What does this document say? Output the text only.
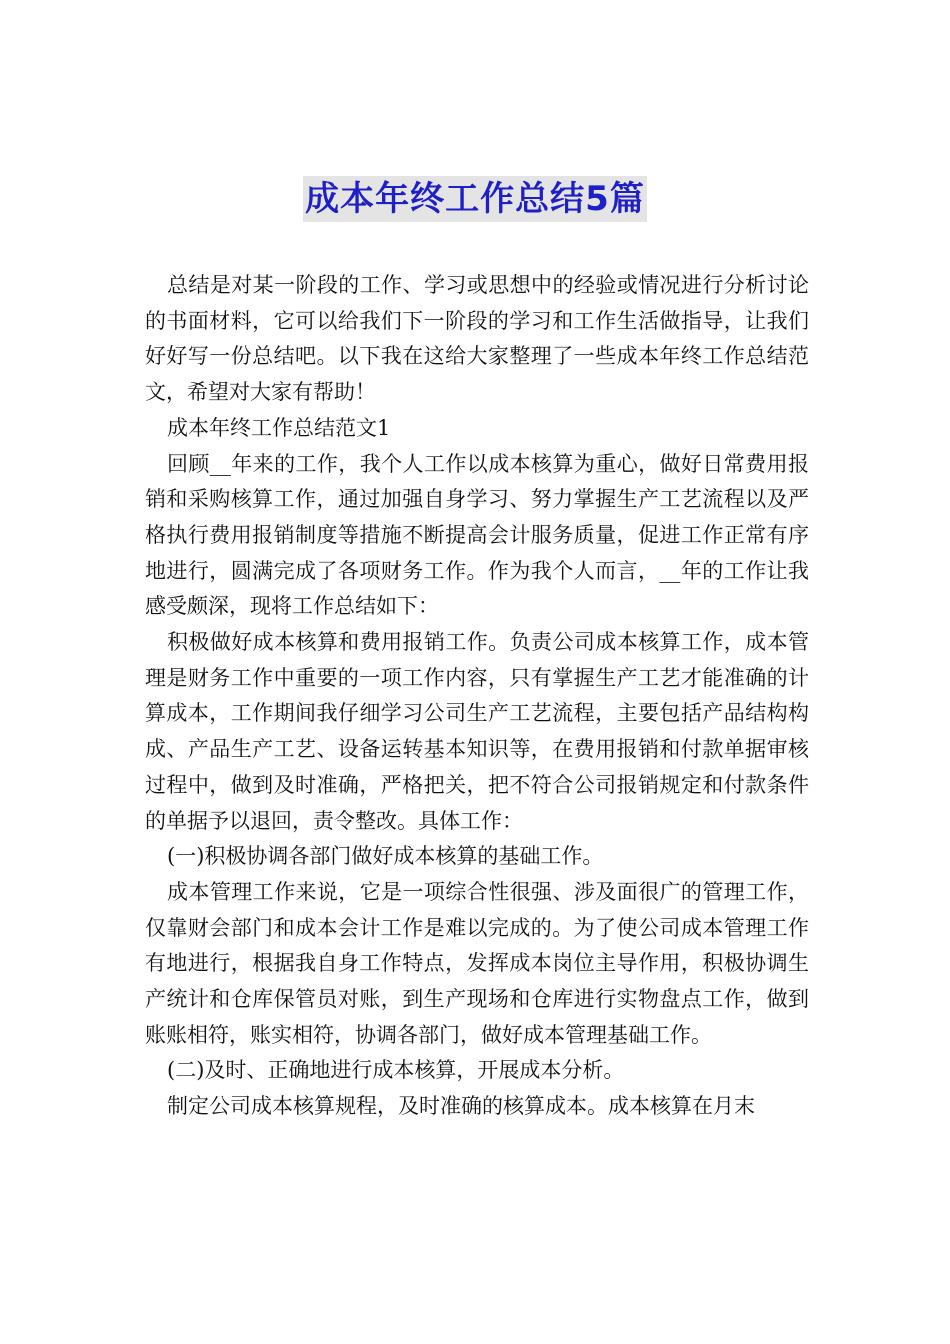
成本年终工作总结5篇

总结是对某一阶段的工作、学习或思想中的经验或情况进行分析讨论的书面材料，它可以给我们下一阶段的学习和工作生活做指导，让我们好好写一份总结吧。以下我在这给大家整理了一些成本年终工作总结范文，希望对大家有帮助！

成本年终工作总结范文1

回顾__年来的工作，我个人工作以成本核算为重心，做好日常费用报销和采购核算工作，通过加强自身学习、努力掌握生产工艺流程以及严格执行费用报销制度等措施不断提高会计服务质量，促进工作正常有序地进行，圆满完成了各项财务工作。作为我个人而言，__年的工作让我感受颇深，现将工作总结如下：

积极做好成本核算和费用报销工作。负责公司成本核算工作，成本管理是财务工作中重要的一项工作内容，只有掌握生产工艺才能准确的计算成本，工作期间我仔细学习公司生产工艺流程，主要包括产品结构构成、产品生产工艺、设备运转基本知识等，在费用报销和付款单据审核过程中，做到及时准确，严格把关，把不符合公司报销规定和付款条件的单据予以退回，责令整改。具体工作：

(一)积极协调各部门做好成本核算的基础工作。

成本管理工作来说，它是一项综合性很强、涉及面很广的管理工作，仅靠财会部门和成本会计工作是难以完成的。为了使公司成本管理工作有地进行，根据我自身工作特点，发挥成本岗位主导作用，积极协调生产统计和仓库保管员对账，到生产现场和仓库进行实物盘点工作，做到账账相符，账实相符，协调各部门，做好成本管理基础工作。

(二)及时、正确地进行成本核算，开展成本分析。

制定公司成本核算规程，及时准确的核算成本。成本核算在月末
